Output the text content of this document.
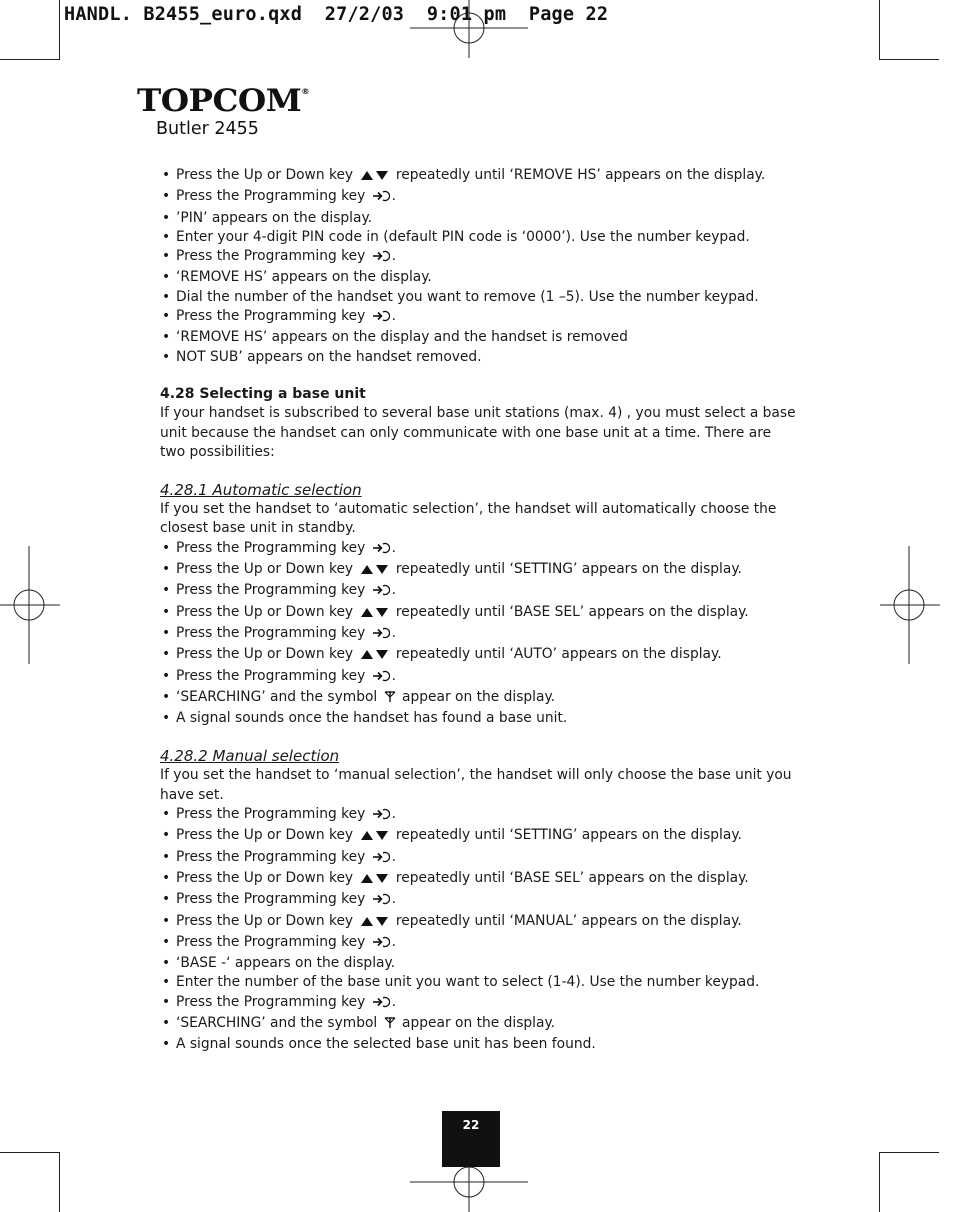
HANDL. B2455_euro.qxd  27/2/03  9:01 pm  Page 22
TOPCOM®
Butler 2455
• Press the Up or Down key	repeatedly until ‘REMOVE HS’ appears on the display.
• Press the Programming key .
• ’PIN’ appears on the display.
• Enter your 4-digit PIN code in (default PIN code is ‘0000’). Use the number keypad.
• Press the Programming key .
• ‘REMOVE HS’ appears on the display.
• Dial the number of the handset you want to remove (1 –5). Use the number keypad.
• Press the Programming key .
• ‘REMOVE HS’ appears on the display and the handset is removed
• NOT SUB’ appears on the handset removed.
4.28 Selecting a base unit

If your handset is subscribed to several base unit stations (max. 4) , you must select a base unit because the handset can only communicate with one base unit at a time. There are two possibilities:

4.28.1 Automatic selection

If you set the handset to ‘automatic selection’, the handset will automatically choose the closest base unit in standby.

• Press the Programming key .
• Press the Up or Down key	repeatedly until ‘SETTING’ appears on the display.
• Press the Programming key .
• Press the Up or Down key	repeatedly until ‘BASE SEL’ appears on the display.
• Press the Programming key .
• Press the Up or Down key	repeatedly until ‘AUTO’ appears on the display.
• Press the Programming key .
• ‘SEARCHING’ and the symbol appear on the display.
• A signal sounds once the handset has found a base unit.
4.28.2 Manual selection

If you set the handset to ‘manual selection’, the handset will only choose the base unit you have set.

• Press the Programming key .
• Press the Up or Down key	repeatedly until ‘SETTING’ appears on the display.
• Press the Programming key .
• Press the Up or Down key	repeatedly until ‘BASE SEL’ appears on the display.
• Press the Programming key .
• Press the Up or Down key	repeatedly until ‘MANUAL’ appears on the display.
• Press the Programming key .
• ‘BASE -‘ appears on the display.
• Enter the number of the base unit you want to select (1-4). Use the number keypad.
• Press the Programming key .
• ‘SEARCHING’ and the symbol appear on the display.
• A signal sounds once the selected base unit has been found.
22
